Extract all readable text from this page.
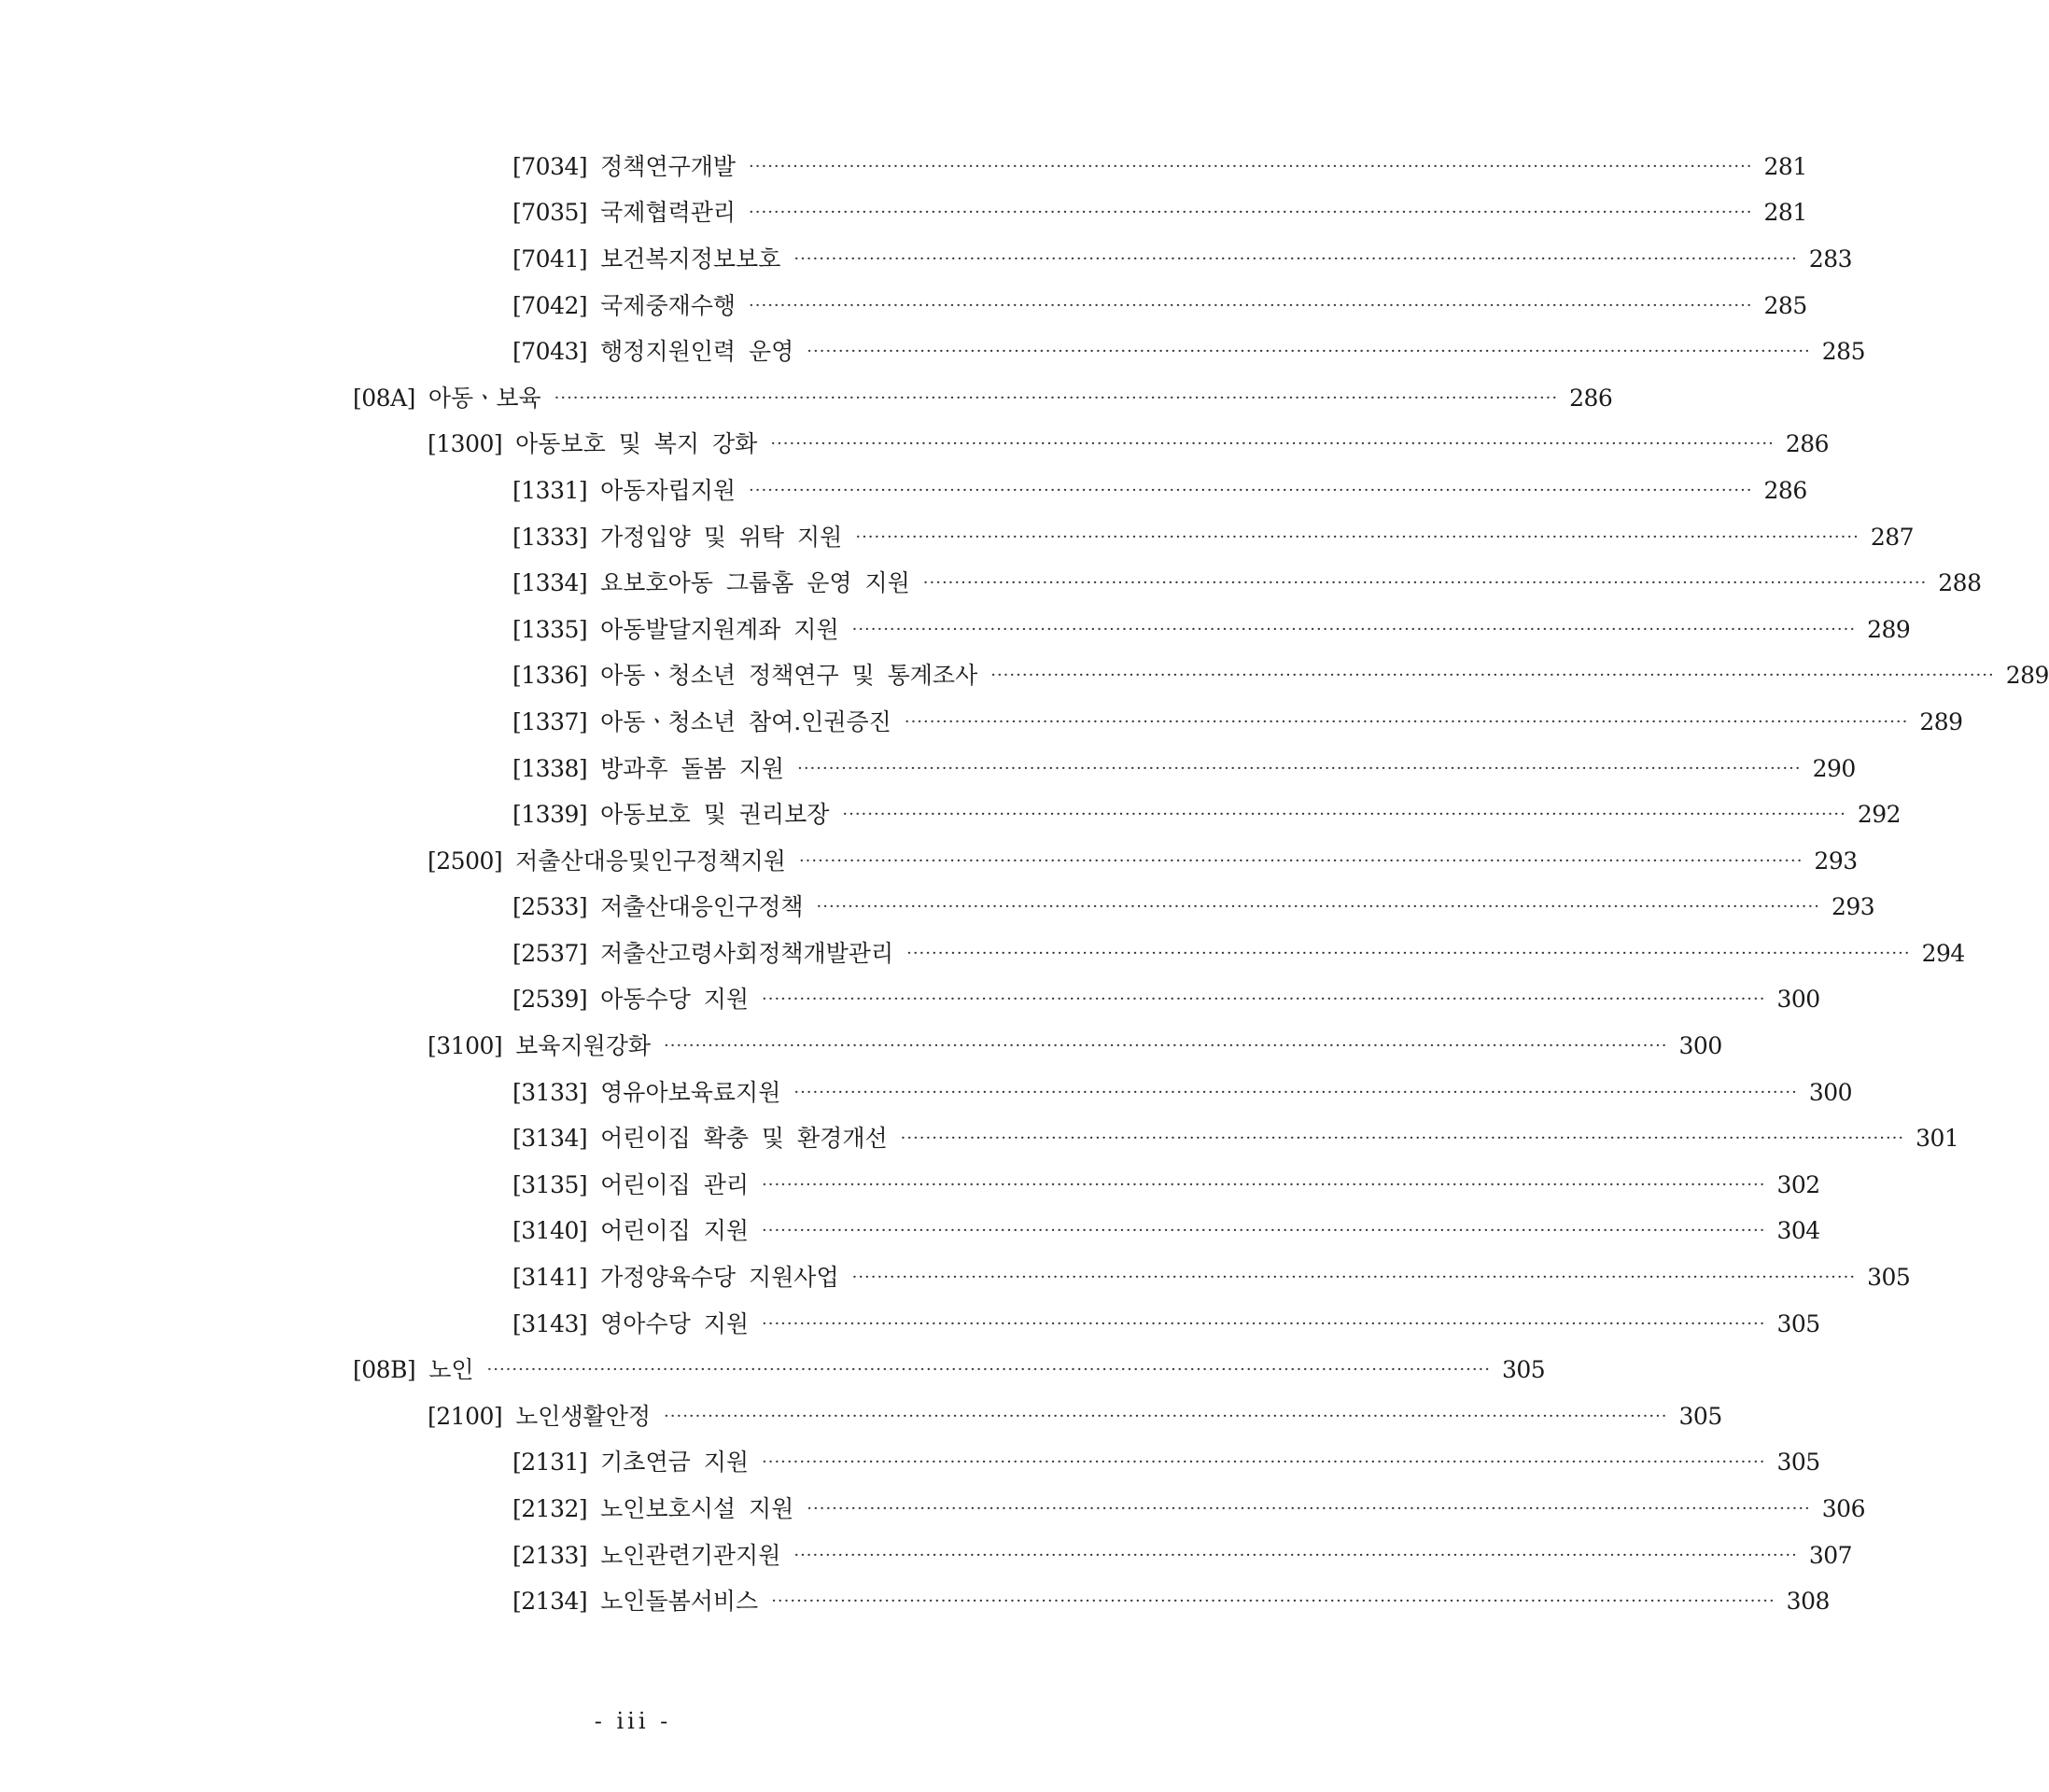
[7034] 정책연구개발 ································································································································································ 281
[7035] 국제협력관리 ································································································································································ 281
[7041] 보건복지정보보호 ································································································································································ 283
[7042] 국제중재수행 ································································································································································ 285
[7043] 행정지원인력 운영 ································································································································································ 285
[08A] 아동ㆍ보육 ································································································································································ 286
[1300] 아동보호 및 복지 강화 ································································································································································ 286
[1331] 아동자립지원 ································································································································································ 286
[1333] 가정입양 및 위탁 지원 ································································································································································ 287
[1334] 요보호아동 그룹홈 운영 지원 ································································································································································ 288
[1335] 아동발달지원계좌 지원 ································································································································································ 289
[1336] 아동ㆍ청소년 정책연구 및 통계조사 ································································································································································ 289
[1337] 아동ㆍ청소년 참여.인권증진 ································································································································································ 289
[1338] 방과후 돌봄 지원 ································································································································································ 290
[1339] 아동보호 및 권리보장 ································································································································································ 292
[2500] 저출산대응및인구정책지원 ································································································································································ 293
[2533] 저출산대응인구정책 ································································································································································ 293
[2537] 저출산고령사회정책개발관리 ································································································································································ 294
[2539] 아동수당 지원 ································································································································································ 300
[3100] 보육지원강화 ································································································································································ 300
[3133] 영유아보육료지원 ································································································································································ 300
[3134] 어린이집 확충 및 환경개선 ································································································································································ 301
[3135] 어린이집 관리 ································································································································································ 302
[3140] 어린이집 지원 ································································································································································ 304
[3141] 가정양육수당 지원사업 ································································································································································ 305
[3143] 영아수당 지원 ································································································································································ 305
[08B] 노인 ································································································································································ 305
[2100] 노인생활안정 ································································································································································ 305
[2131] 기초연금 지원 ································································································································································ 305
[2132] 노인보호시설 지원 ································································································································································ 306
[2133] 노인관련기관지원 ································································································································································ 307
[2134] 노인돌봄서비스 ································································································································································ 308
- iii -
